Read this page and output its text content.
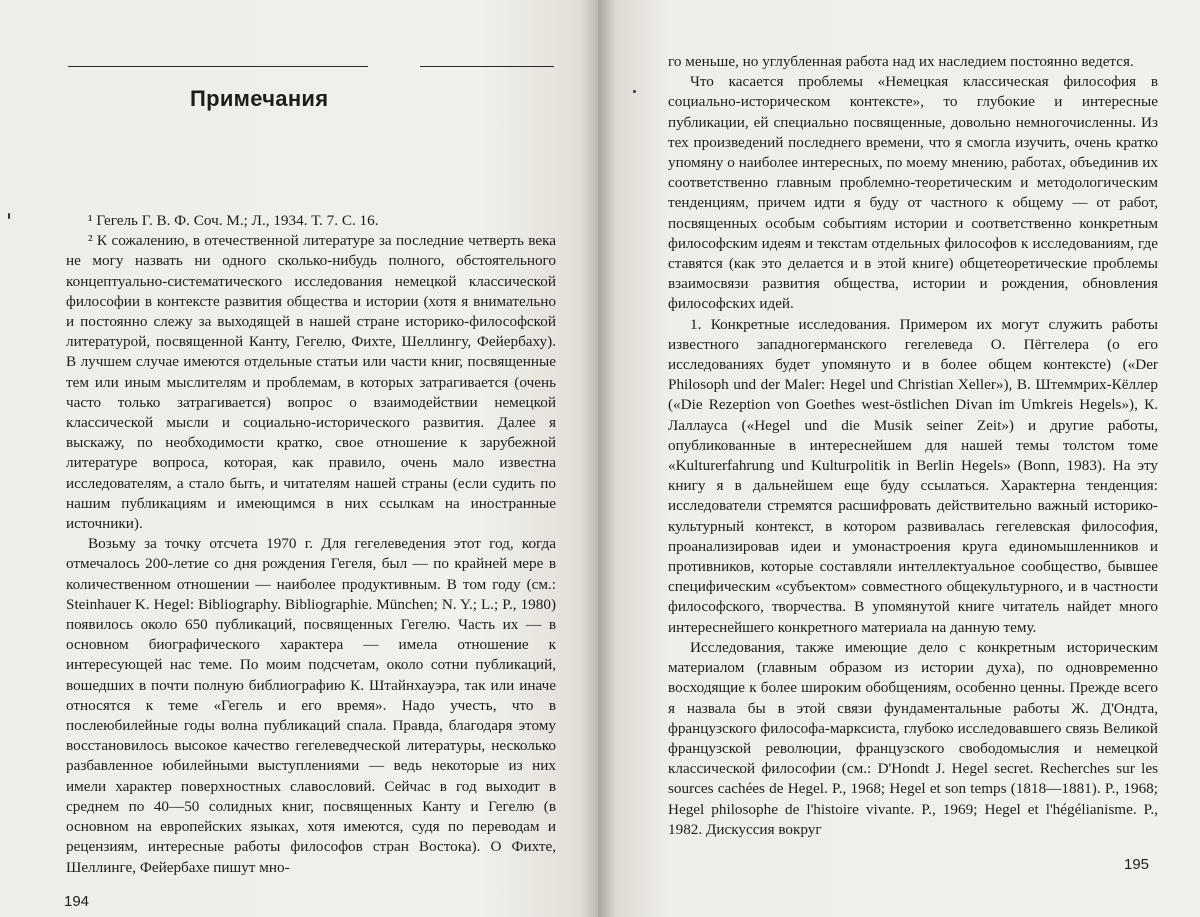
Примечания

¹ Гегель Г. В. Ф. Соч. М.; Л., 1934. Т. 7. С. 16.

² К сожалению, в отечественной литературе за последние четверть века не могу назвать ни одного сколько-нибудь полного, обстоятельного концептуально-систематического исследования немецкой классической философии в контексте развития общества и истории (хотя я внимательно и постоянно слежу за выходящей в нашей стране историко-философской литературой, посвященной Канту, Гегелю, Фихте, Шеллингу, Фейербаху). В лучшем случае имеются отдельные статьи или части книг, посвященные тем или иным мыслителям и проблемам, в которых затрагивается (очень часто только затрагивается) вопрос о взаимодействии немецкой классической мысли и социально-исторического развития. Далее я выскажу, по необходимости кратко, свое отношение к зарубежной литературе вопроса, которая, как правило, очень мало известна исследователям, а стало быть, и читателям нашей страны (если судить по нашим публикациям и имеющимся в них ссылкам на иностранные источники).

Возьму за точку отсчета 1970 г. Для гегелеведения этот год, когда отмечалось 200-летие со дня рождения Гегеля, был — по крайней мере в количественном отношении — наиболее продуктивным. В том году (см.: Steinhauer K. Hegel: Bibliography. Bibliographie. München; N. Y.; L.; P., 1980) появилось около 650 публикаций, посвященных Гегелю. Часть их — в основном биографического характера — имела отношение к интересующей нас теме. По моим подсчетам, около сотни публикаций, вошедших в почти полную библиографию К. Штайнхауэра, так или иначе относятся к теме «Гегель и его время». Надо учесть, что в послеюбилейные годы волна публикаций спала. Правда, благодаря этому восстановилось высокое качество гегелеведческой литературы, несколько разбавленное юбилейными выступлениями — ведь некоторые из них имели характер поверхностных славословий. Сейчас в год выходит в среднем по 40—50 солидных книг, посвященных Канту и Гегелю (в основном на европейских языках, хотя имеются, судя по переводам и рецензиям, интересные работы философов стран Востока). О Фихте, Шеллинге, Фейербахе пишут мно-

194

го меньше, но углубленная работа над их наследием постоянно ведется.

Что касается проблемы «Немецкая классическая философия в социально-историческом контексте», то глубокие и интересные публикации, ей специально посвященные, довольно немногочисленны. Из тех произведений последнего времени, что я смогла изучить, очень кратко упомяну о наиболее интересных, по моему мнению, работах, объединив их соответственно главным проблемно-теоретическим и методологическим тенденциям, причем идти я буду от частного к общему — от работ, посвященных особым событиям истории и соответственно конкретным философским идеям и текстам отдельных философов к исследованиям, где ставятся (как это делается и в этой книге) общетеоретические проблемы взаимосвязи развития общества, истории и рождения, обновления философских идей.

1. Конкретные исследования. Примером их могут служить работы известного западногерманского гегелеведа О. Пёггелера (о его исследованиях будет упомянуто и в более общем контексте) («Der Philosoph und der Maler: Hegel und Christian Xeller»), В. Штеммрих-Кёллер («Die Rezeption von Goethes west-östlichen Divan im Umkreis Hegels»), К. Лаллауса («Hegel und die Musik seiner Zeit») и другие работы, опубликованные в интереснейшем для нашей темы толстом томе «Kulturerfahrung und Kulturpolitik in Berlin Hegels» (Bonn, 1983). На эту книгу я в дальнейшем еще буду ссылаться. Характерна тенденция: исследователи стремятся расшифровать действительно важный историко-культурный контекст, в котором развивалась гегелевская философия, проанализировав идеи и умонастроения круга единомышленников и противников, которые составляли интеллектуальное сообщество, бывшее специфическим «субъектом» совместного общекультурного, и в частности философского, творчества. В упомянутой книге читатель найдет много интереснейшего конкретного материала на данную тему.

Исследования, также имеющие дело с конкретным историческим материалом (главным образом из истории духа), по одновременно восходящие к более широким обобщениям, особенно ценны. Прежде всего я назвала бы в этой связи фундаментальные работы Ж. Д'Ондта, французского философа-марксиста, глубоко исследовавшего связь Великой французской революции, французского свободомыслия и немецкой классической философии (см.: D'Hondt J. Hegel secret. Recherches sur les sources cachées de Hegel. P., 1968; Hegel et son temps (1818—1881). P., 1968; Hegel philosophe de l'histoire vivante. P., 1969; Hegel et l'hégélianisme. P., 1982. Дискуссия вокруг

195
